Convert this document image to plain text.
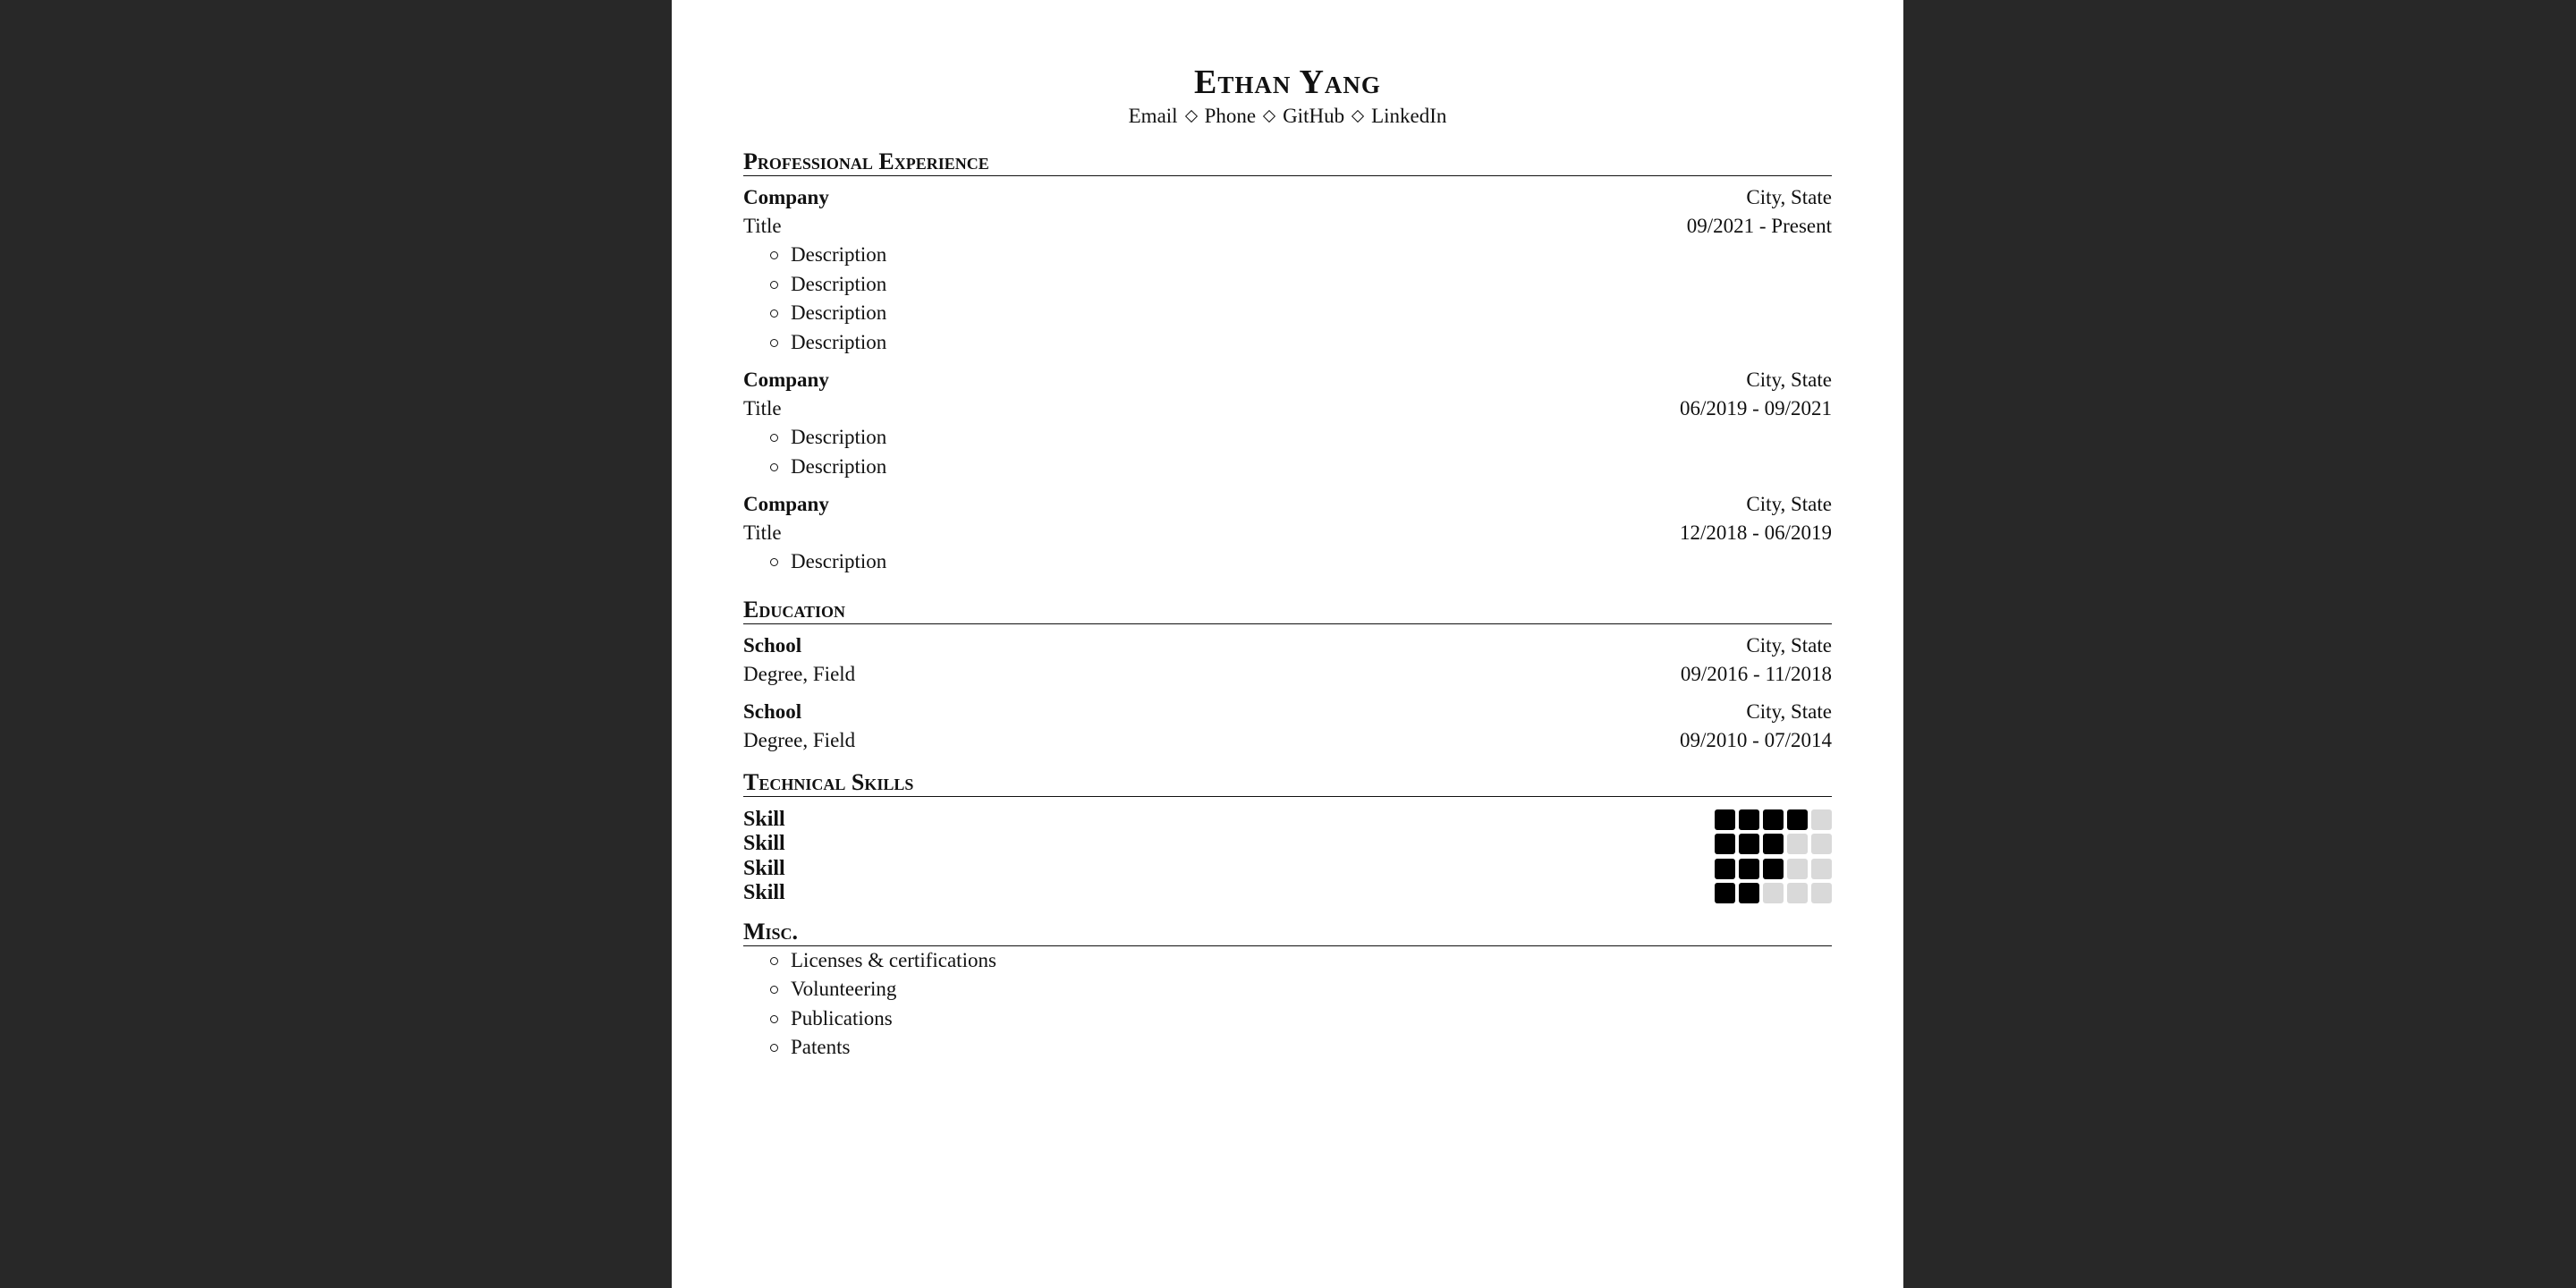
Ethan Yang
Email Phone GitHub LinkedIn
Professional Experience
Company	City, State
Title	09/2021 - Present
Description
Description
Description
Description
Company	City, State
Title	06/2019 - 09/2021
Description
Description
Company	City, State
Title	12/2018 - 06/2019
Description
Education
School	City, State
Degree, Field	09/2016 - 11/2018
School	City, State
Degree, Field	09/2010 - 07/2014
Technical Skills
Skill
Skill
Skill
Skill
Misc.
Licenses & certifications
Volunteering
Publications
Patents
